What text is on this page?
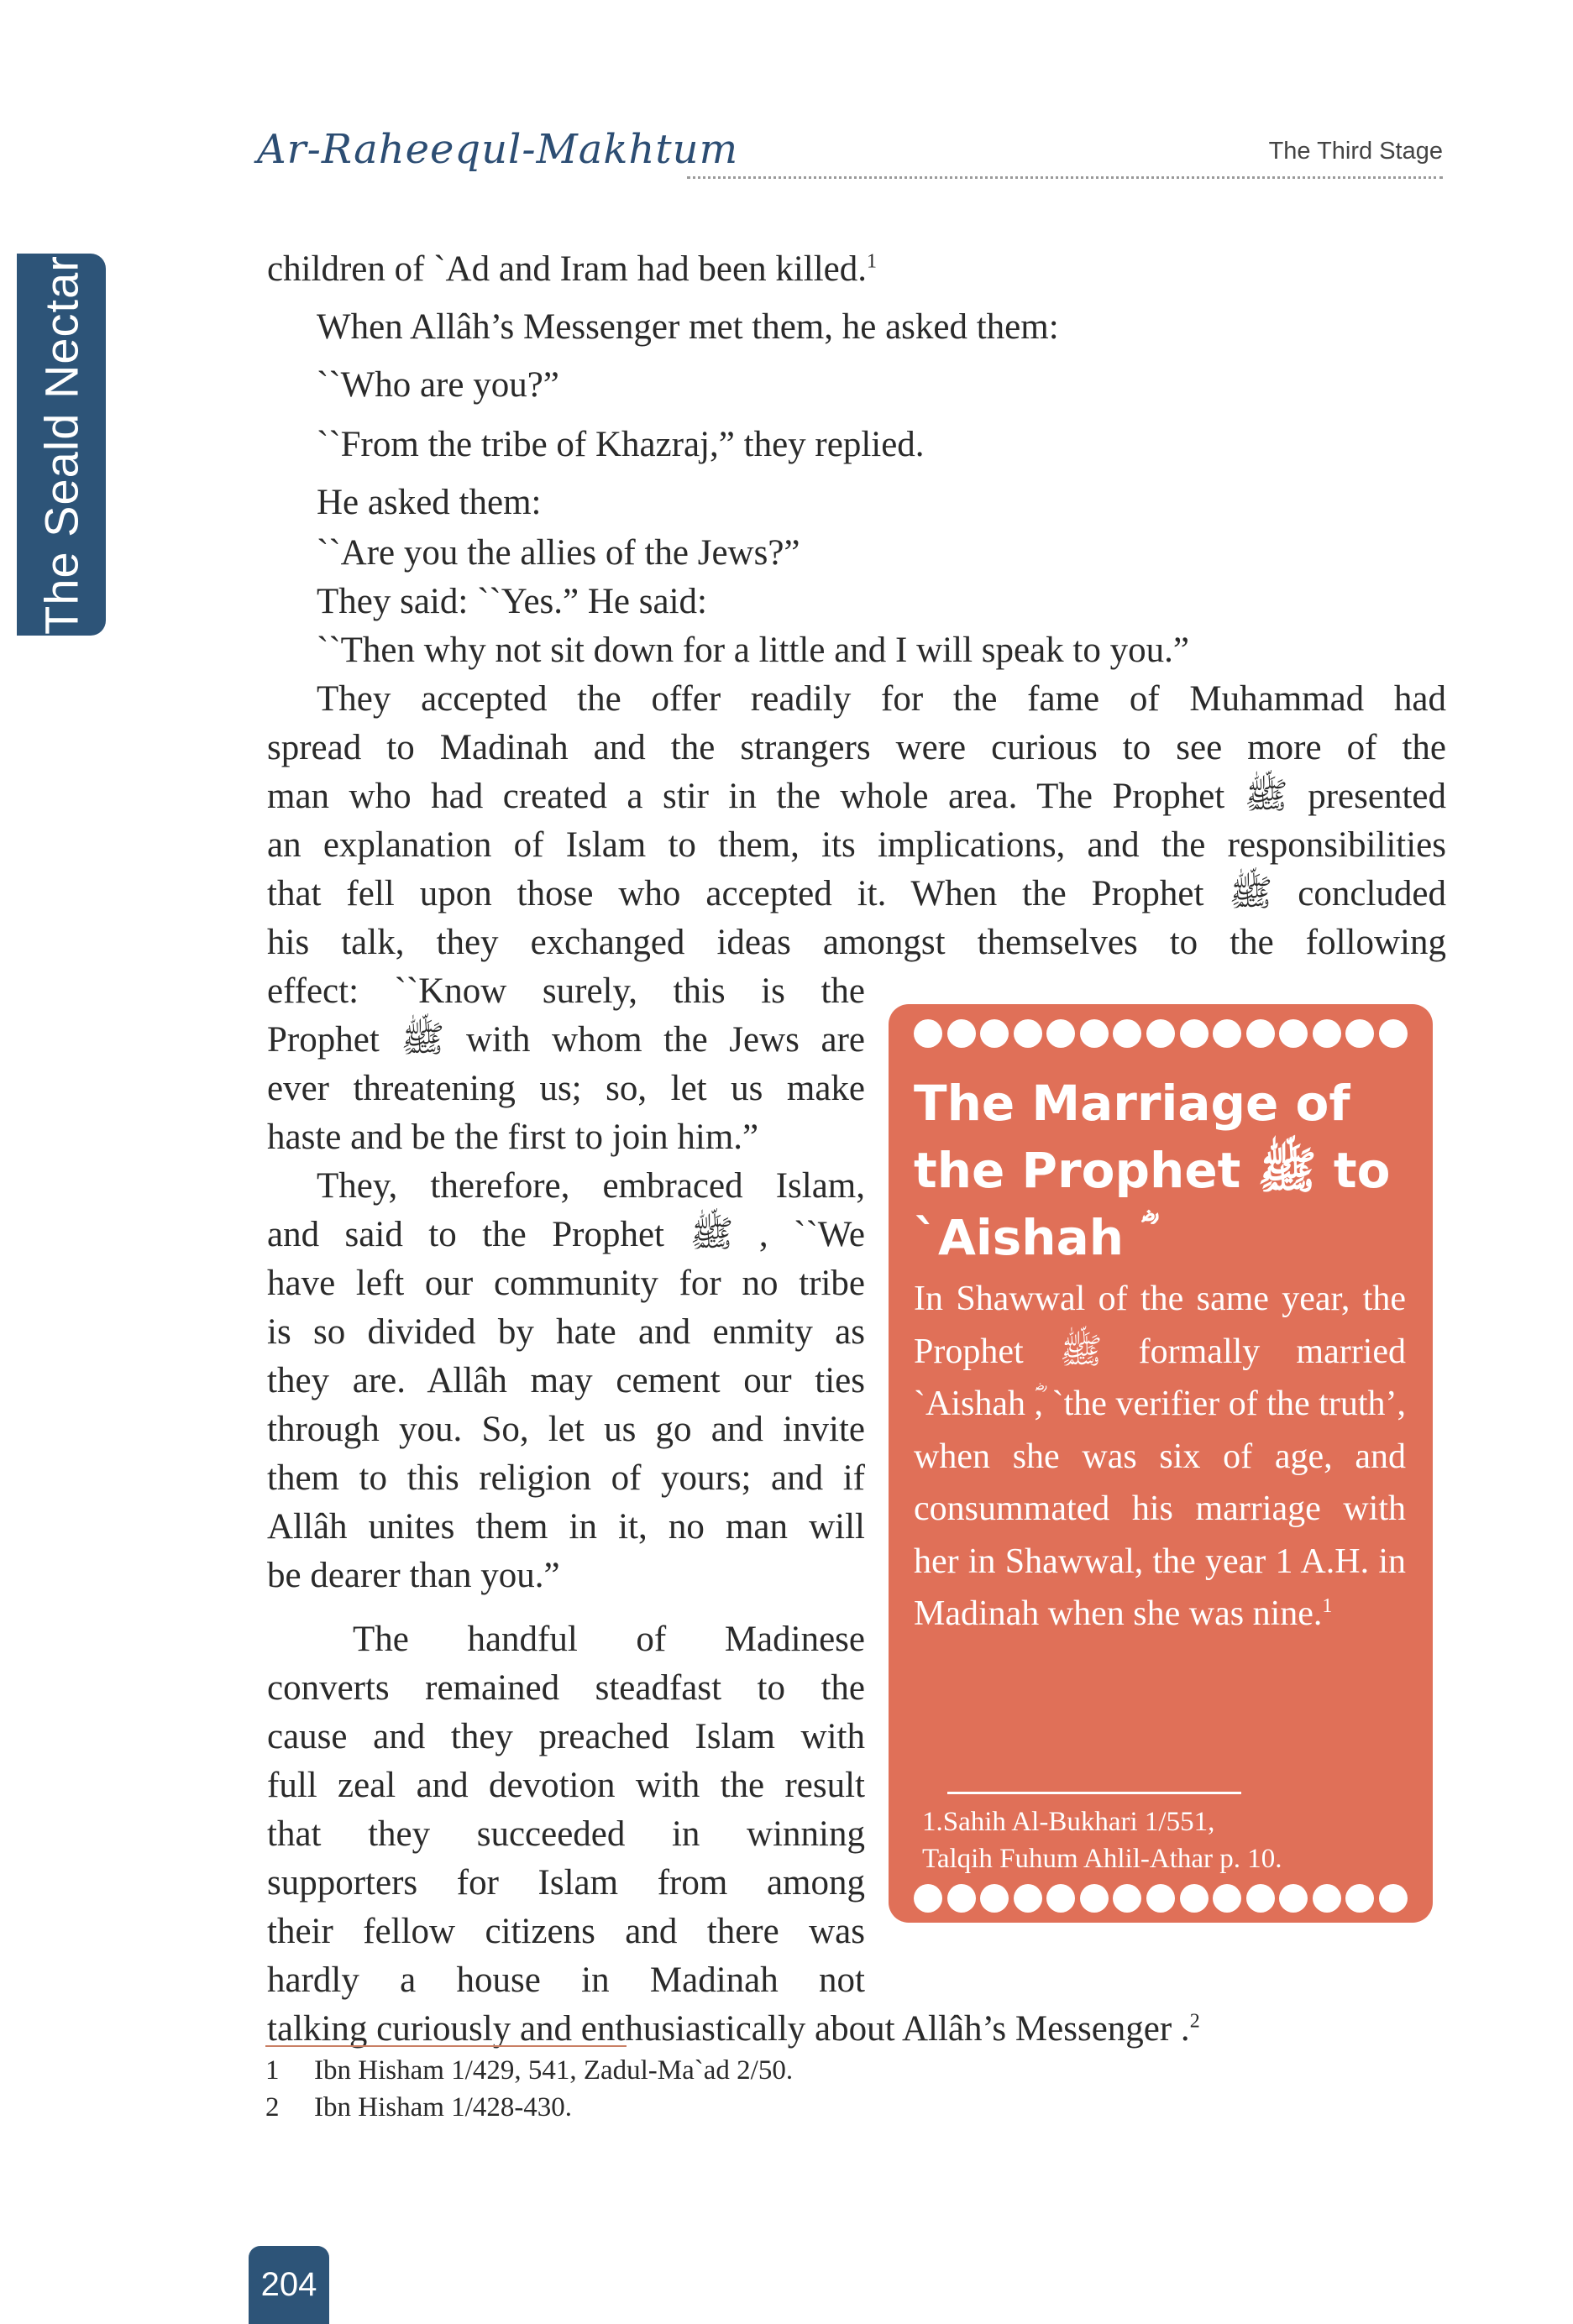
The Seald Nectar
Ar-Raheequl-Makhtum	The Third Stage

children of `Ad and Iram had been killed.$^1$

When Allâh’s Messenger met them, he asked them:

``Who are you?”

``From the tribe of Khazraj,” they replied.

He asked them:

``Are you the allies of the Jews?”

They said: ``Yes.” He said:

``Then why not sit down for a little and I will speak to you.”

They accepted the offer readily for the fame of Muhammad had

spread to Madinah and the strangers were curious to see more of the

man who had created a stir in the whole area. The Prophet ﷺ presented

an explanation of Islam to them, its implications, and the responsibilities

that fell upon those who accepted it. When the Prophet ﷺ concluded

his talk, they exchanged ideas amongst themselves to the following

effect: ``Know surely, this is the

Prophet ﷺ with whom the Jews are

ever threatening us; so, let us make

haste and be the first to join him.”

They, therefore, embraced Islam,

and said to the Prophet ﷺ , ``We

have left our community for no tribe

is so divided by hate and enmity as

they are. Allâh may cement our ties

through you. So, let us go and invite

them to this religion of yours; and if

Allâh unites them in it, no man will

be dearer than you.”

The handful of Madinese

converts remained steadfast to the

cause and they preached Islam with

full zeal and devotion with the result

that they succeeded in winning

supporters for Islam from among

their fellow citizens and there was

hardly a house in Madinah not

talking curiously and enthusiastically about Allâh’s Messenger .$^2$

The Marriage of
the Prophet ﷺ to
`Aishah ؓ

In Shawwal of the same year, the Prophet ﷺ formally married `Aishah ؓ, `the verifier of the truth’, when she was six of age, and consummated his marriage with her in Shawwal, the year 1 A.H. in Madinah when she was nine.$^1$

1.Sahih Al-Bukhari 1/551,
Talqih Fuhum Ahlil-Athar p. 10.

1 Ibn Hisham 1/429, 541, Zadul-Ma`ad 2/50.
2 Ibn Hisham 1/428-430.
204
